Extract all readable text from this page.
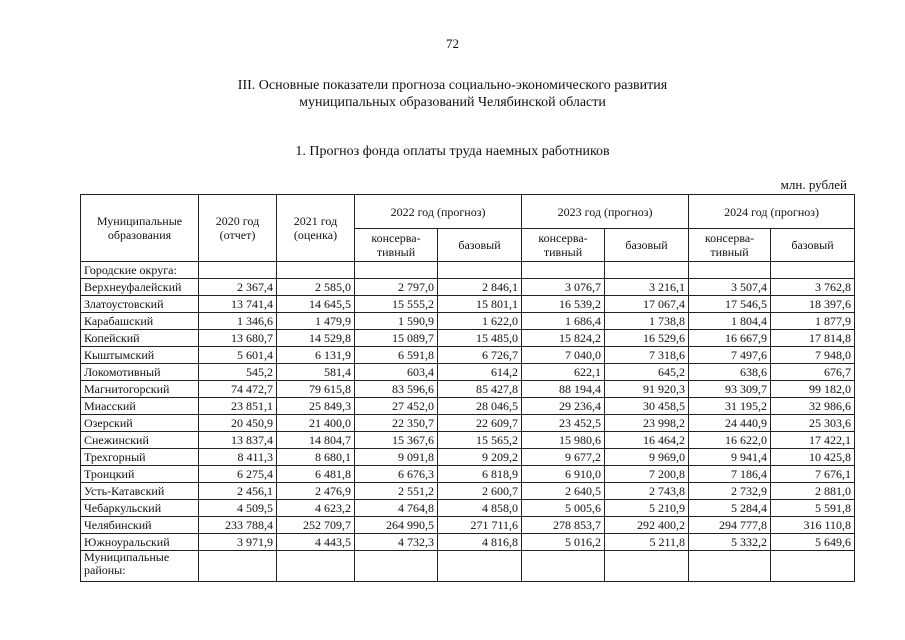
72
III. Основные показатели прогноза социально-экономического развития
муниципальных образований Челябинской области
1. Прогноз фонда оплаты труда наемных работников
млн. рублей
Муниципальные образования	2020 год (отчет)	2021 год (оценка)	2022 год (прогноз)		2023 год (прогноз)		2024 год (прогноз)	
			консерва-тивный	базовый	консерва-тивный	базовый	консерва-тивный	базовый
Городские округа:								
Верхнеуфалейский	2 367,4	2 585,0	2 797,0	2 846,1	3 076,7	3 216,1	3 507,4	3 762,8
Златоустовский	13 741,4	14 645,5	15 555,2	15 801,1	16 539,2	17 067,4	17 546,5	18 397,6
Карабашский	1 346,6	1 479,9	1 590,9	1 622,0	1 686,4	1 738,8	1 804,4	1 877,9
Копейский	13 680,7	14 529,8	15 089,7	15 485,0	15 824,2	16 529,6	16 667,9	17 814,8
Кыштымский	5 601,4	6 131,9	6 591,8	6 726,7	7 040,0	7 318,6	7 497,6	7 948,0
Локомотивный	545,2	581,4	603,4	614,2	622,1	645,2	638,6	676,7
Магнитогорский	74 472,7	79 615,8	83 596,6	85 427,8	88 194,4	91 920,3	93 309,7	99 182,0
Миасский	23 851,1	25 849,3	27 452,0	28 046,5	29 236,4	30 458,5	31 195,2	32 986,6
Озерский	20 450,9	21 400,0	22 350,7	22 609,7	23 452,5	23 998,2	24 440,9	25 303,6
Снежинский	13 837,4	14 804,7	15 367,6	15 565,2	15 980,6	16 464,2	16 622,0	17 422,1
Трехгорный	8 411,3	8 680,1	9 091,8	9 209,2	9 677,2	9 969,0	9 941,4	10 425,8
Троицкий	6 275,4	6 481,8	6 676,3	6 818,9	6 910,0	7 200,8	7 186,4	7 676,1
Усть-Катавский	2 456,1	2 476,9	2 551,2	2 600,7	2 640,5	2 743,8	2 732,9	2 881,0
Чебаркульский	4 509,5	4 623,2	4 764,8	4 858,0	5 005,6	5 210,9	5 284,4	5 591,8
Челябинский	233 788,4	252 709,7	264 990,5	271 711,6	278 853,7	292 400,2	294 777,8	316 110,8
Южноуральский	3 971,9	4 443,5	4 732,3	4 816,8	5 016,2	5 211,8	5 332,2	5 649,6
Муниципальные районы:								
